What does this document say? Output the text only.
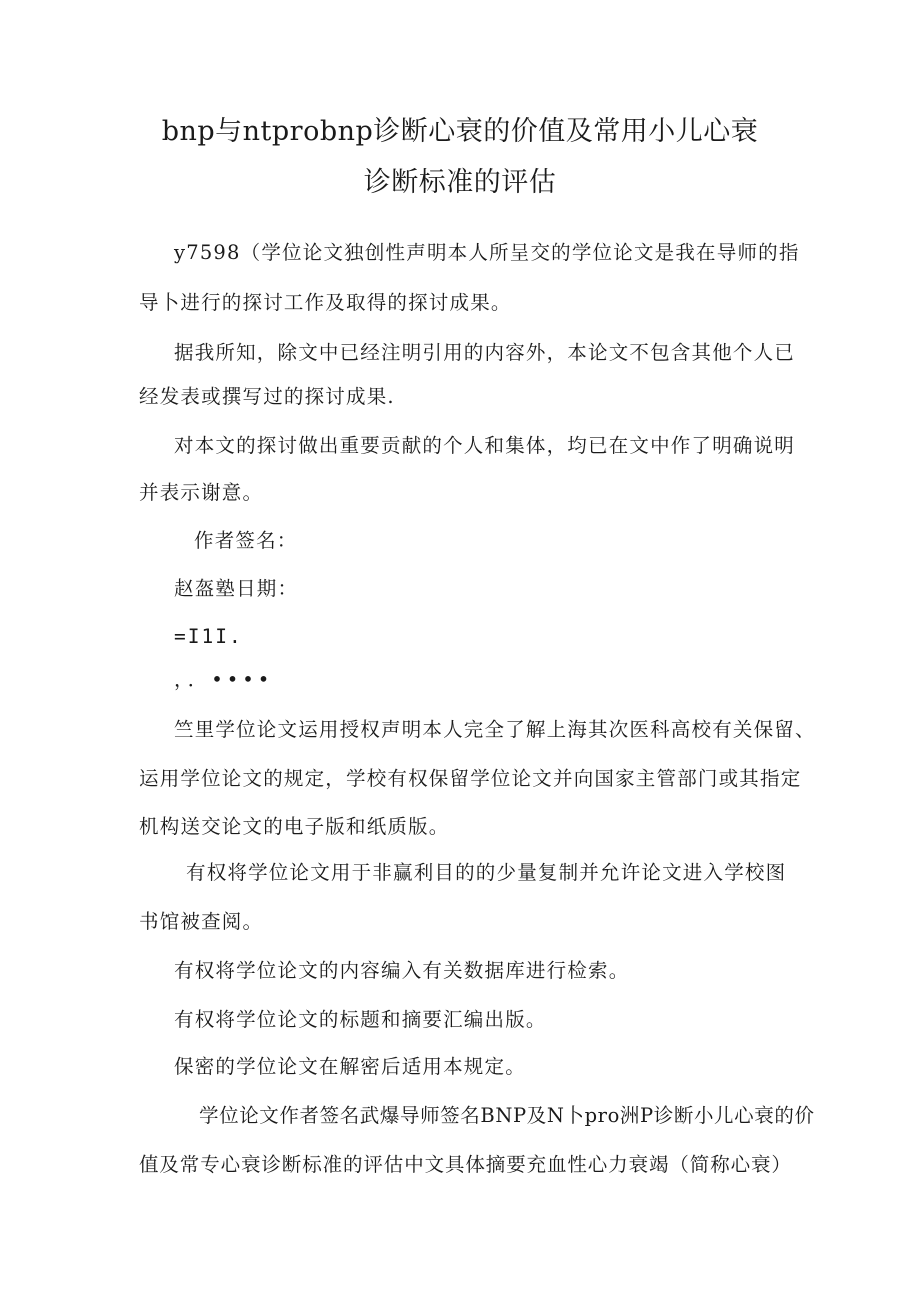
bnp与ntprobnp诊断心衰的价值及常用小儿心衰
诊断标准的评估
y7598（学位论文独创性声明本人所呈交的学位论文是我在导师的指
导卜进行的探讨工作及取得的探讨成果。
据我所知，除文中已经注明引用的内容外，本论文不包含其他个人已
经发表或撰写过的探讨成果.
对本文的探讨做出重要贡献的个人和集体，均已在文中作了明确说明
并表示谢意。
作者签名：
赵盔塾日期：
=I1I.
，．••••
竺里学位论文运用授权声明本人完全了解上海其次医科高校有关保留、
运用学位论文的规定，学校有权保留学位论文并向国家主管部门或其指定
机构送交论文的电子版和纸质版。
有权将学位论文用于非赢利目的的少量复制并允许论文进入学校图
书馆被查阅。
有权将学位论文的内容编入有关数据库进行检索。
有权将学位论文的标题和摘要汇编出版。
保密的学位论文在解密后适用本规定。
学位论文作者签名武爆导师签名BNP及N卜pro洲P诊断小儿心衰的价
值及常专心衰诊断标准的评估中文具体摘要充血性心力衰竭（简称心衰）
